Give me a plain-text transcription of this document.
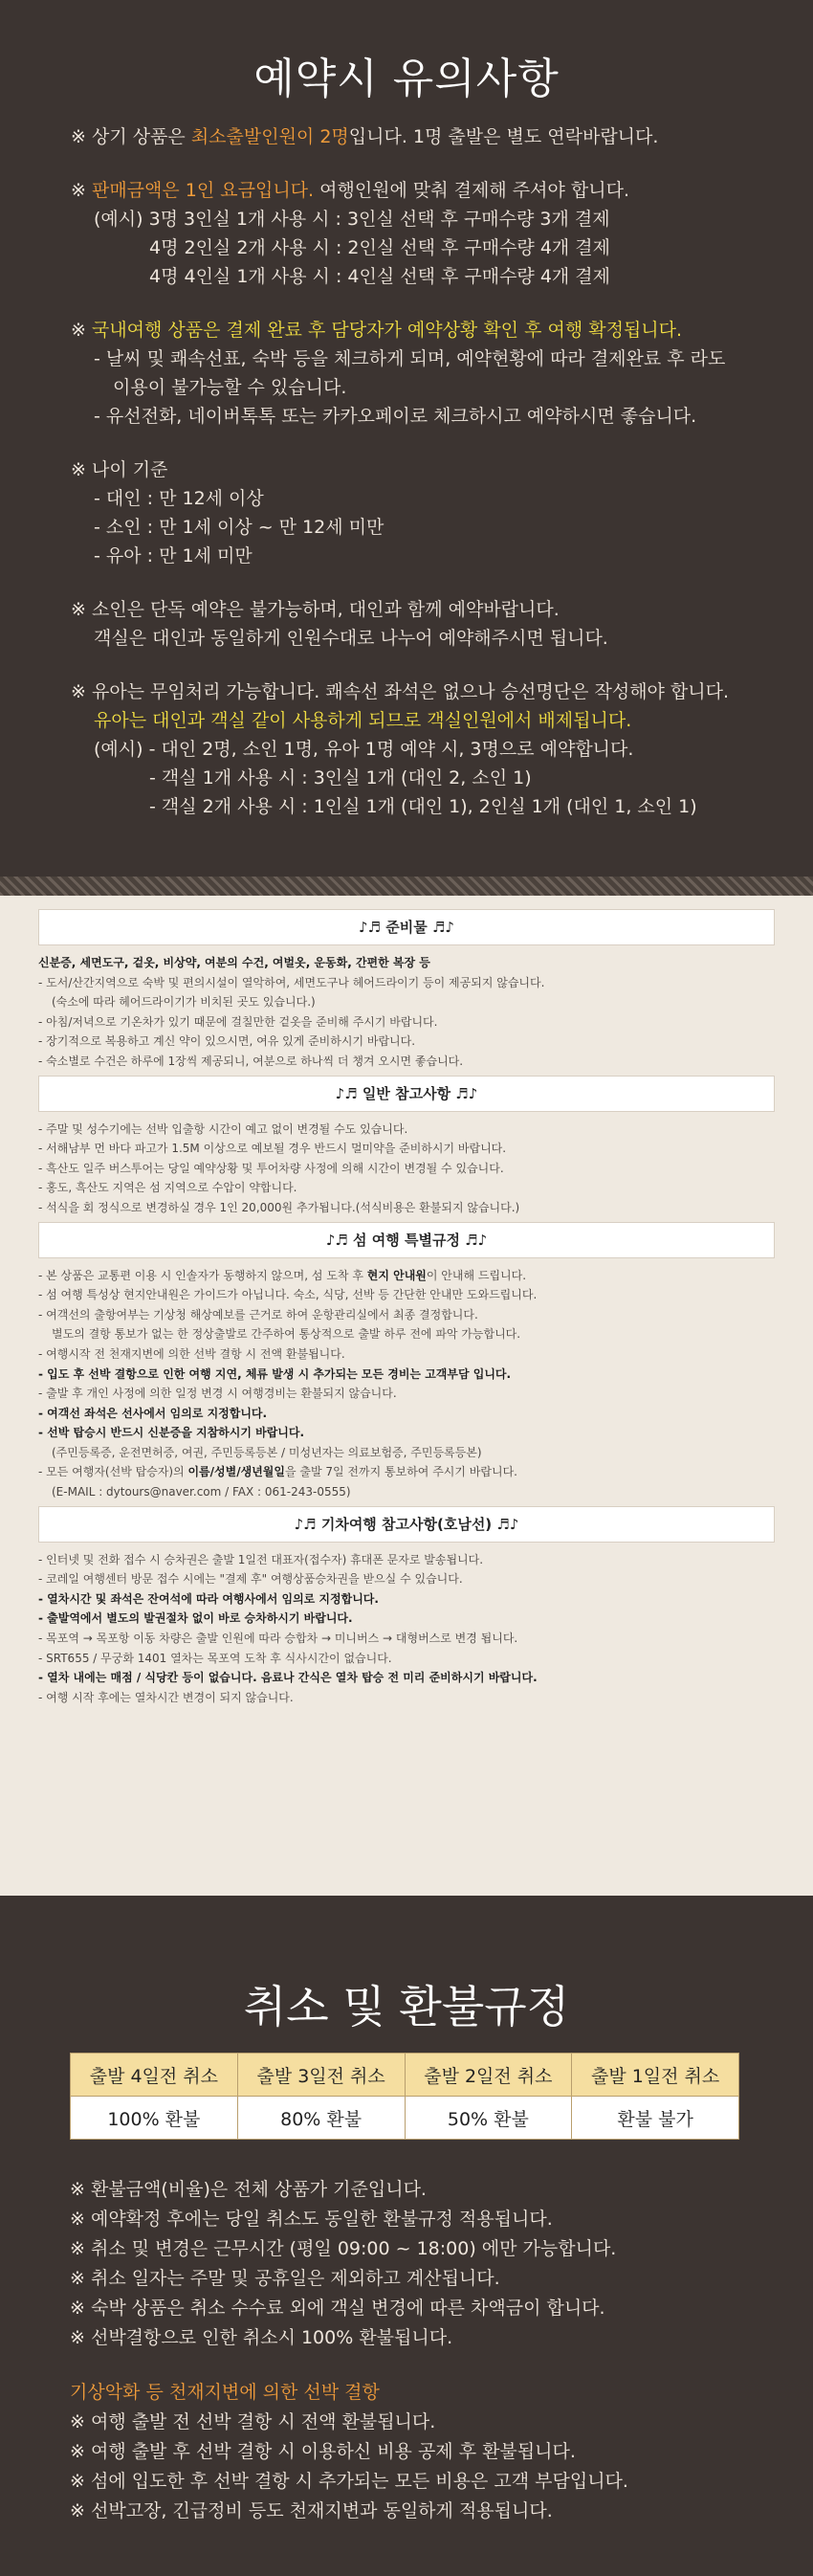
예약시 유의사항
※ 상기 상품은 최소출발인원이 2명입니다. 1명 출발은 별도 연락바랍니다.
※ 판매금액은 1인 요금입니다. 여행인원에 맞춰 결제해 주셔야 합니다.
(예시) 3명 3인실 1개 사용 시 : 3인실 선택 후 구매수량 3개 결제
4명 2인실 2개 사용 시 : 2인실 선택 후 구매수량 4개 결제
4명 4인실 1개 사용 시 : 4인실 선택 후 구매수량 4개 결제
※ 국내여행 상품은 결제 완료 후 담당자가 예약상황 확인 후 여행 확정됩니다.
- 날씨 및 쾌속선표, 숙박 등을 체크하게 되며, 예약현황에 따라 결제완료 후 라도
이용이 불가능할 수 있습니다.
- 유선전화, 네이버톡톡 또는 카카오페이로 체크하시고 예약하시면 좋습니다.
※ 나이 기준
- 대인 : 만 12세 이상
- 소인 : 만 1세 이상 ~ 만 12세 미만
- 유아 : 만 1세 미만
※ 소인은 단독 예약은 불가능하며, 대인과 함께 예약바랍니다.
객실은 대인과 동일하게 인원수대로 나누어 예약해주시면 됩니다.
※ 유아는 무임처리 가능합니다. 쾌속선 좌석은 없으나 승선명단은 작성해야 합니다.
유아는 대인과 객실 같이 사용하게 되므로 객실인원에서 배제됩니다.
(예시) - 대인 2명, 소인 1명, 유아 1명 예약 시, 3명으로 예약합니다.
- 객실 1개 사용 시 : 3인실 1개 (대인 2, 소인 1)
- 객실 2개 사용 시 : 1인실 1개 (대인 1), 2인실 1개 (대인 1, 소인 1)
♪♬ 준비물 ♬♪
신분증, 세면도구, 겉옷, 비상약, 여분의 수건, 여벌옷, 운동화, 간편한 복장 등
- 도서/산간지역으로 숙박 및 편의시설이 열악하여, 세면도구나 헤어드라이기 등이 제공되지 않습니다.
(숙소에 따라 헤어드라이기가 비치된 곳도 있습니다.)
- 아침/저녁으로 기온차가 있기 때문에 걸칠만한 겉옷을 준비해 주시기 바랍니다.
- 장기적으로 복용하고 계신 약이 있으시면, 여유 있게 준비하시기 바랍니다.
- 숙소별로 수건은 하루에 1장씩 제공되니, 여분으로 하나씩 더 챙겨 오시면 좋습니다.
♪♬ 일반 참고사항 ♬♪
- 주말 및 성수기에는 선박 입출항 시간이 예고 없이 변경될 수도 있습니다.
- 서해남부 먼 바다 파고가 1.5M 이상으로 예보될 경우 반드시 멀미약을 준비하시기 바랍니다.
- 흑산도 일주 버스투어는 당일 예약상황 및 투어차량 사정에 의해 시간이 변경될 수 있습니다.
- 홍도, 흑산도 지역은 섬 지역으로 수압이 약합니다.
- 석식을 회 정식으로 변경하실 경우 1인 20,000원 추가됩니다.(석식비용은 환불되지 않습니다.)
♪♬ 섬 여행 특별규정 ♬♪
- 본 상품은 교통편 이용 시 인솔자가 동행하지 않으며, 섬 도착 후 현지 안내원이 안내해 드립니다.
- 섬 여행 특성상 현지안내원은 가이드가 아닙니다. 숙소, 식당, 선박 등 간단한 안내만 도와드립니다.
- 여객선의 출항여부는 기상청 해상예보를 근거로 하여 운항관리실에서 최종 결정합니다.
별도의 결항 통보가 없는 한 정상출발로 간주하여 통상적으로 출발 하루 전에 파악 가능합니다.
- 여행시작 전 천재지변에 의한 선박 결항 시 전액 환불됩니다.
- 입도 후 선박 결항으로 인한 여행 지연, 체류 발생 시 추가되는 모든 경비는 고객부담 입니다.
- 출발 후 개인 사정에 의한 일정 변경 시 여행경비는 환불되지 않습니다.
- 여객선 좌석은 선사에서 임의로 지정합니다.
- 선박 탑승시 반드시 신분증을 지참하시기 바랍니다.
(주민등록증, 운전면허증, 여권, 주민등록등본 / 미성년자는 의료보험증, 주민등록등본)
- 모든 여행자(선박 탑승자)의 이름/성별/생년월일을 출발 7일 전까지 통보하여 주시기 바랍니다.
(E-MAIL : dytours@naver.com / FAX : 061-243-0555)
♪♬ 기차여행 참고사항(호남선) ♬♪
- 인터넷 및 전화 접수 시 승차권은 출발 1일전 대표자(접수자) 휴대폰 문자로 발송됩니다.
- 코레일 여행센터 방문 접수 시에는 "결제 후" 여행상품승차권을 받으실 수 있습니다.
- 열차시간 및 좌석은 잔여석에 따라 여행사에서 임의로 지정합니다.
- 출발역에서 별도의 발권절차 없이 바로 승차하시기 바랍니다.
- 목포역 → 목포항 이동 차량은 출발 인원에 따라 승합차 → 미니버스 → 대형버스로 변경 됩니다.
- SRT655 / 무궁화 1401 열차는 목포역 도착 후 식사시간이 없습니다.
- 열차 내에는 매점 / 식당칸 등이 없습니다. 음료나 간식은 열차 탑승 전 미리 준비하시기 바랍니다.
- 여행 시작 후에는 열차시간 변경이 되지 않습니다.
취소 및 환불규정
출발 4일전 취소	출발 3일전 취소	출발 2일전 취소	출발 1일전 취소
100% 환불	80% 환불	50% 환불	환불 불가
※ 환불금액(비율)은 전체 상품가 기준입니다.
※ 예약확정 후에는 당일 취소도 동일한 환불규정 적용됩니다.
※ 취소 및 변경은 근무시간 (평일 09:00 ~ 18:00) 에만 가능합니다.
※ 취소 일자는 주말 및 공휴일은 제외하고 계산됩니다.
※ 숙박 상품은 취소 수수료 외에 객실 변경에 따른 차액금이 합니다.
※ 선박결항으로 인한 취소시 100% 환불됩니다.
기상악화 등 천재지변에 의한 선박 결항
※ 여행 출발 전 선박 결항 시 전액 환불됩니다.
※ 여행 출발 후 선박 결항 시 이용하신 비용 공제 후 환불됩니다.
※ 섬에 입도한 후 선박 결항 시 추가되는 모든 비용은 고객 부담입니다.
※ 선박고장, 긴급정비 등도 천재지변과 동일하게 적용됩니다.
